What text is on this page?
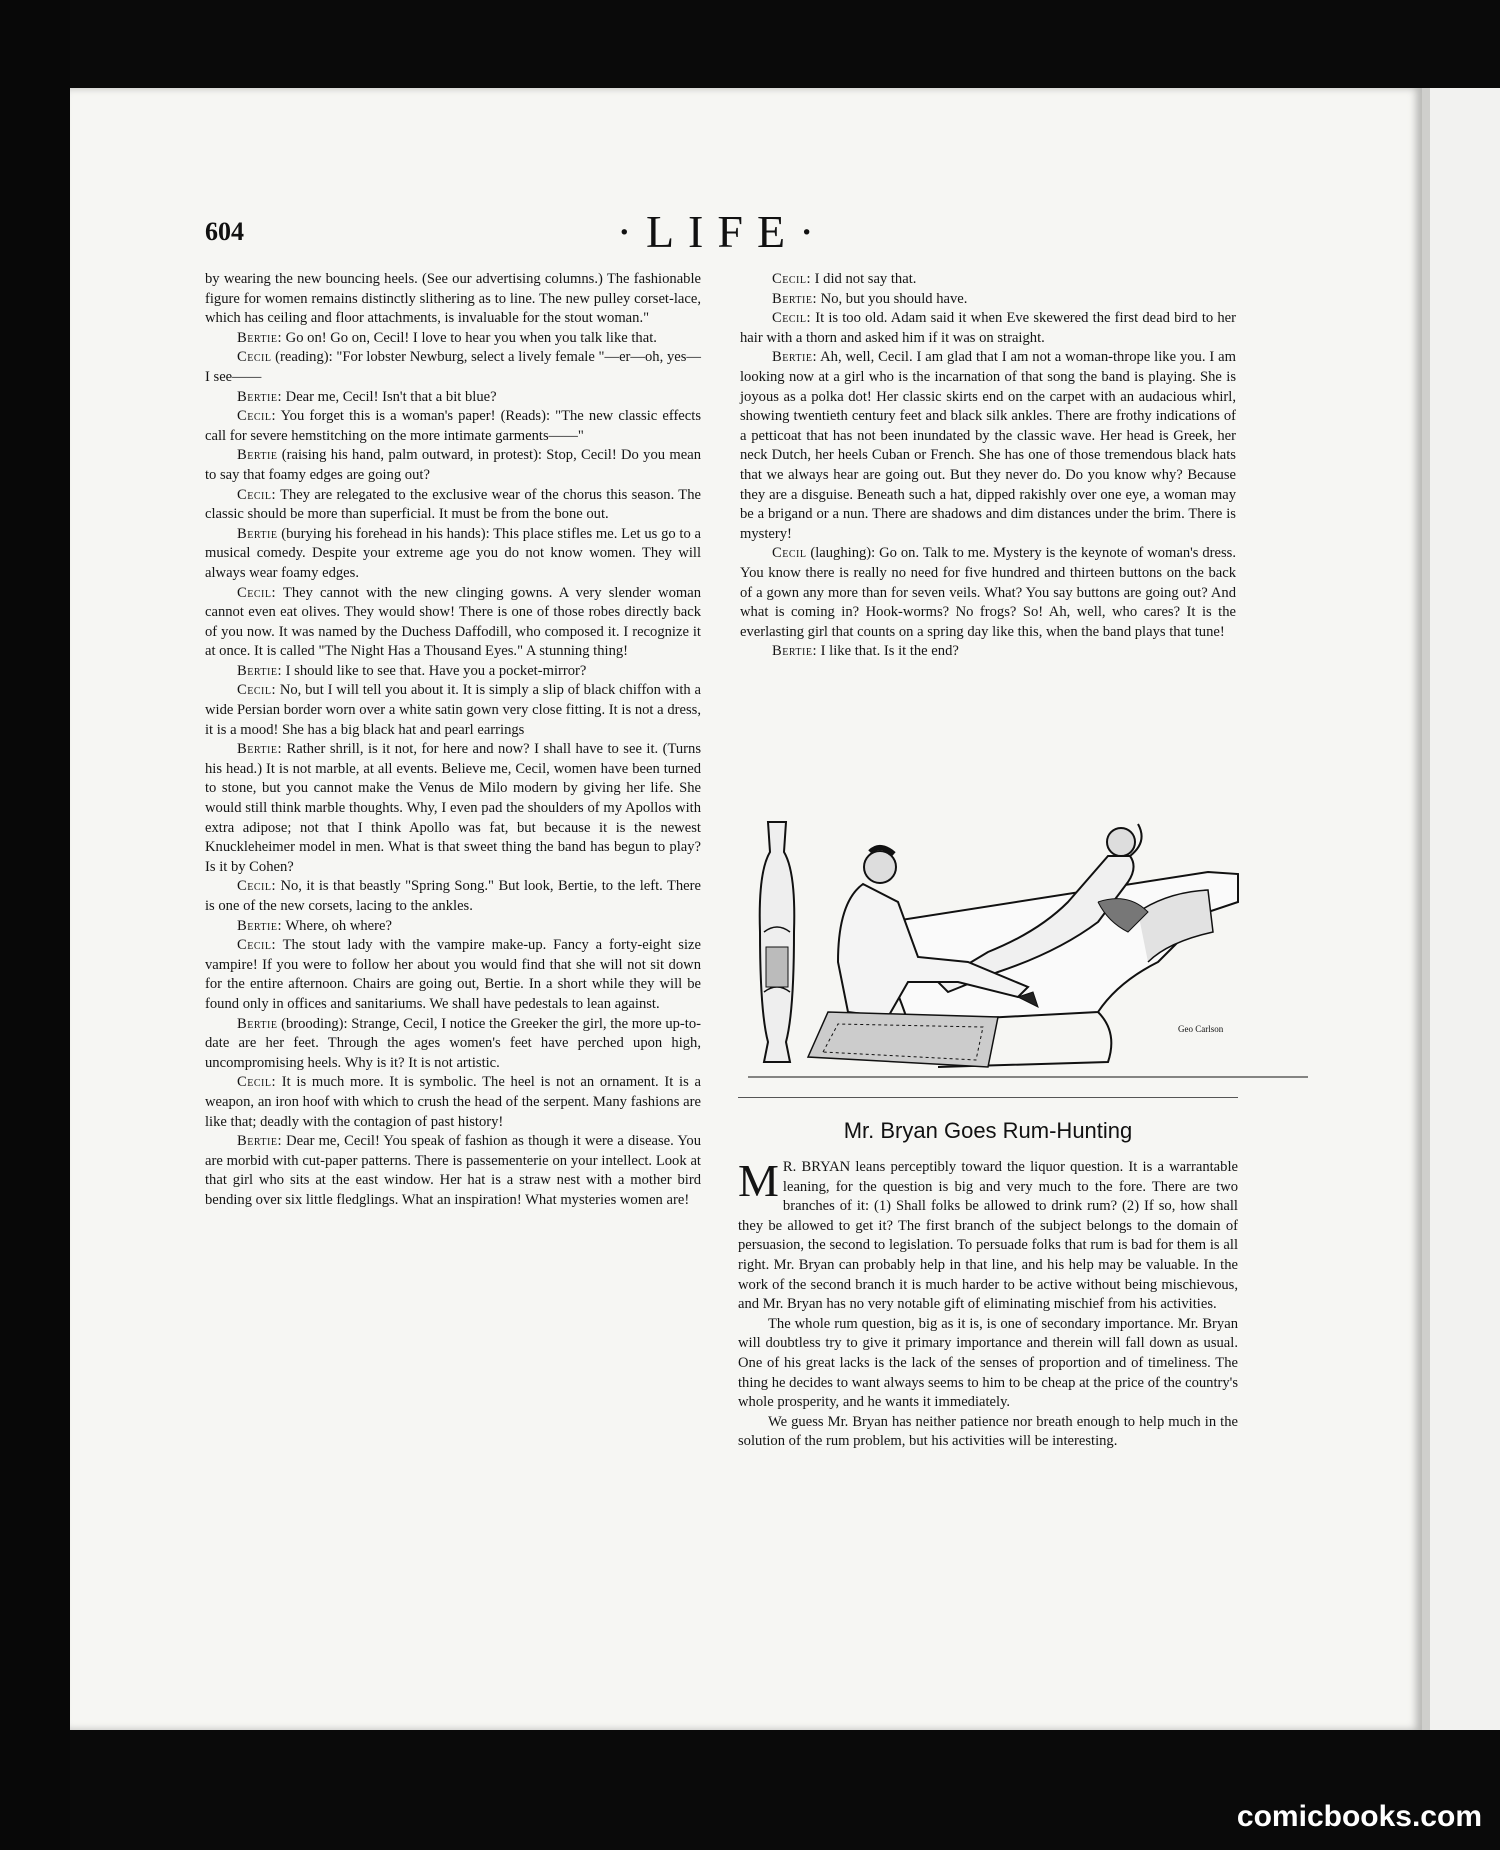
604	·LIFE·

by wearing the new bouncing heels. (See our advertising columns.) The fashionable figure for women remains distinctly slithering as to line. The new pulley corset-lace, which has ceiling and floor attachments, is invaluable for the stout woman."

Bertie: Go on! Go on, Cecil! I love to hear you when you talk like that.

Cecil (reading): "For lobster Newburg, select a lively female "—er—oh, yes—I see——

Bertie: Dear me, Cecil! Isn't that a bit blue?

Cecil: You forget this is a woman's paper! (Reads): "The new classic effects call for severe hemstitching on the more intimate garments——"

Bertie (raising his hand, palm outward, in protest): Stop, Cecil! Do you mean to say that foamy edges are going out?

Cecil: They are relegated to the exclusive wear of the chorus this season. The classic should be more than superficial. It must be from the bone out.

Bertie (burying his forehead in his hands): This place stifles me. Let us go to a musical comedy. Despite your extreme age you do not know women. They will always wear foamy edges.

Cecil: They cannot with the new clinging gowns. A very slender woman cannot even eat olives. They would show! There is one of those robes directly back of you now. It was named by the Duchess Daffodill, who composed it. I recognize it at once. It is called "The Night Has a Thousand Eyes." A stunning thing!

Bertie: I should like to see that. Have you a pocket-mirror?

Cecil: No, but I will tell you about it. It is simply a slip of black chiffon with a wide Persian border worn over a white satin gown very close fitting. It is not a dress, it is a mood! She has a big black hat and pearl earrings

Bertie: Rather shrill, is it not, for here and now? I shall have to see it. (Turns his head.) It is not marble, at all events. Believe me, Cecil, women have been turned to stone, but you cannot make the Venus de Milo modern by giving her life. She would still think marble thoughts. Why, I even pad the shoulders of my Apollos with extra adipose; not that I think Apollo was fat, but because it is the newest Knuckleheimer model in men. What is that sweet thing the band has begun to play? Is it by Cohen?

Cecil: No, it is that beastly "Spring Song." But look, Bertie, to the left. There is one of the new corsets, lacing to the ankles.

Bertie: Where, oh where?

Cecil: The stout lady with the vampire make-up. Fancy a forty-eight size vampire! If you were to follow her about you would find that she will not sit down for the entire afternoon. Chairs are going out, Bertie. In a short while they will be found only in offices and sanitariums. We shall have pedestals to lean against.

Bertie (brooding): Strange, Cecil, I notice the Greeker the girl, the more up-to-date are her feet. Through the ages women's feet have perched upon high, uncompromising heels. Why is it? It is not artistic.

Cecil: It is much more. It is symbolic. The heel is not an ornament. It is a weapon, an iron hoof with which to crush the head of the serpent. Many fashions are like that; deadly with the contagion of past history!

Bertie: Dear me, Cecil! You speak of fashion as though it were a disease. You are morbid with cut-paper patterns. There is passementerie on your intellect. Look at that girl who sits at the east window. Her hat is a straw nest with a mother bird bending over six little fledglings. What an inspiration! What mysteries women are!

Cecil: I did not say that.

Bertie: No, but you should have.

Cecil: It is too old. Adam said it when Eve skewered the first dead bird to her hair with a thorn and asked him if it was on straight.

Bertie: Ah, well, Cecil. I am glad that I am not a woman-thrope like you. I am looking now at a girl who is the incarnation of that song the band is playing. She is joyous as a polka dot! Her classic skirts end on the carpet with an audacious whirl, showing twentieth century feet and black silk ankles. There are frothy indications of a petticoat that has not been inundated by the classic wave. Her head is Greek, her neck Dutch, her heels Cuban or French. She has one of those tremendous black hats that we always hear are going out. But they never do. Do you know why? Because they are a disguise. Beneath such a hat, dipped rakishly over one eye, a woman may be a brigand or a nun. There are shadows and dim distances under the brim. There is mystery!

Cecil (laughing): Go on. Talk to me. Mystery is the keynote of woman's dress. You know there is really no need for five hundred and thirteen buttons on the back of a gown any more than for seven veils. What? You say buttons are going out? And what is coming in? Hook-worms? No frogs? So! Ah, well, who cares? It is the everlasting girl that counts on a spring day like this, when the band plays that tune!

Bertie: I like that. Is it the end?

Geo Carlson
Mr. Bryan Goes Rum-Hunting

M R. BRYAN leans perceptibly toward the liquor question. It is a warrantable leaning, for the question is big and very much to the fore. There are two branches of it: (1) Shall folks be allowed to drink rum? (2) If so, how shall they be allowed to get it? The first branch of the subject belongs to the domain of persuasion, the second to legislation. To persuade folks that rum is bad for them is all right. Mr. Bryan can probably help in that line, and his help may be valuable. In the work of the second branch it is much harder to be active without being mischievous, and Mr. Bryan has no very notable gift of eliminating mischief from his activities.

The whole rum question, big as it is, is one of secondary importance. Mr. Bryan will doubtless try to give it primary importance and therein will fall down as usual. One of his great lacks is the lack of the senses of proportion and of timeliness. The thing he decides to want always seems to him to be cheap at the price of the country's whole prosperity, and he wants it immediately.

We guess Mr. Bryan has neither patience nor breath enough to help much in the solution of the rum problem, but his activities will be interesting.

comicbooks.com
